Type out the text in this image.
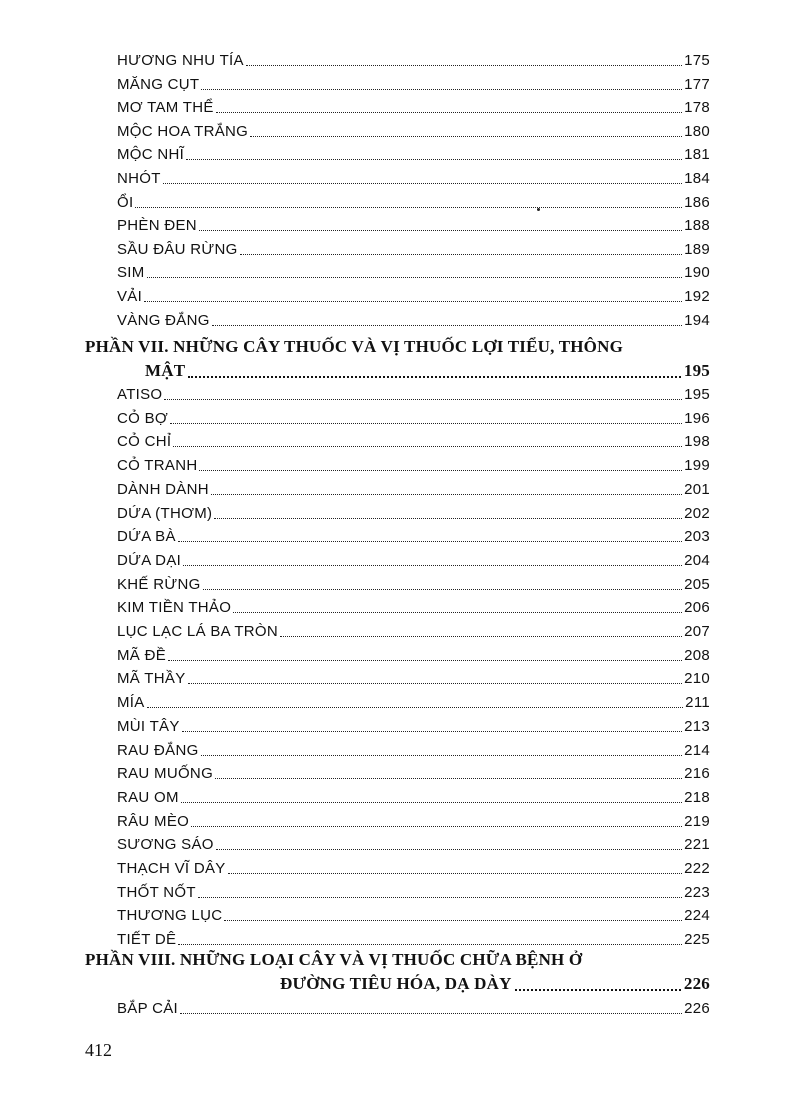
HƯƠNG NHU TÍA	175
MĂNG CỤT	177
MƠ TAM THỂ	178
MỘC HOA TRẮNG	180
MỘC NHĨ	181
NHÓT	184
ỔI	186
PHÈN ĐEN	188
SẦU ĐÂU RỪNG	189
SIM	190
VẢI	192
VÀNG ĐẮNG	194
PHẦN VII. NHỮNG CÂY THUỐC VÀ VỊ THUỐC LỢI TIỂU, THÔNG
MẬT	195
ATISO	195
CỎ BỢ	196
CỎ CHỈ	198
CỎ TRANH	199
DÀNH DÀNH	201
DỨA (THƠM)	202
DỨA BÀ	203
DỨA DẠI	204
KHẾ RỪNG	205
KIM TIỀN THẢO	206
LỤC LẠC LÁ BA TRÒN	207
MÃ ĐỀ	208
MÃ THẦY	210
MÍA	211
MÙI TÂY	213
RAU ĐẮNG	214
RAU MUỐNG	216
RAU OM	218
RÂU MÈO	219
SƯƠNG SÁO	221
THẠCH VĨ DÂY	222
THỐT NỐT	223
THƯƠNG LỤC	224
TIẾT DÊ	225
PHẦN VIII. NHỮNG LOẠI CÂY VÀ VỊ THUỐC CHỮA BỆNH Ở
ĐƯỜNG TIÊU HÓA, DẠ DÀY	226
BẮP CẢI	226
412
